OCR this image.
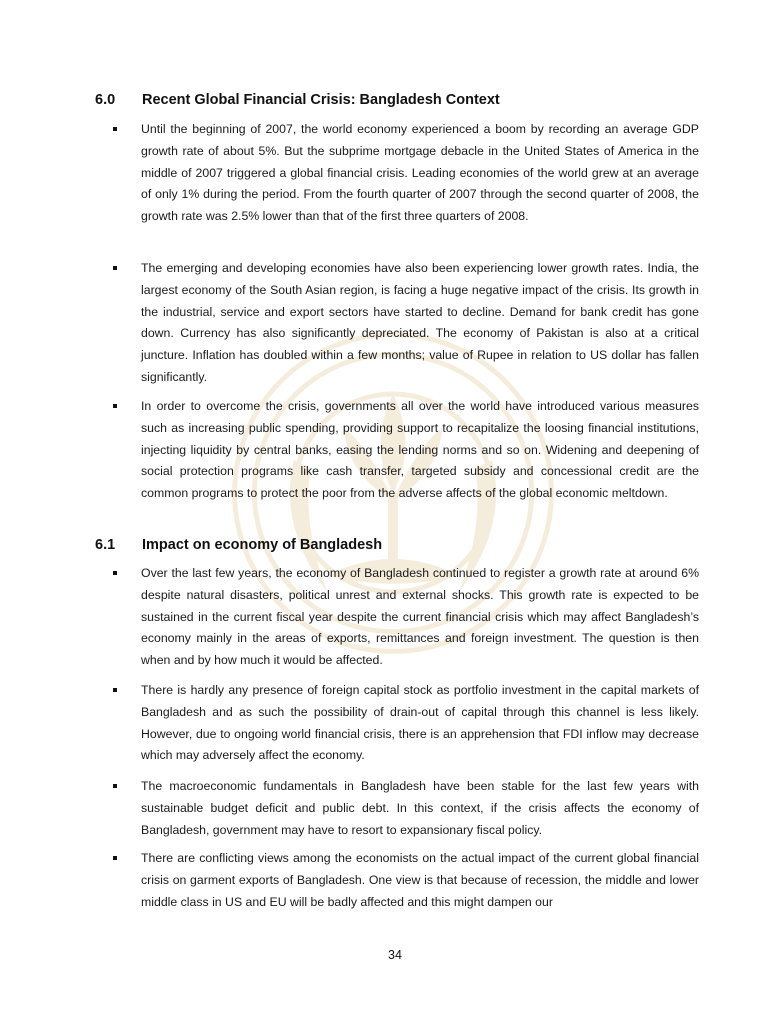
6.0 Recent Global Financial Crisis: Bangladesh Context

Until the beginning of 2007, the world economy experienced a boom by recording an average GDP growth rate of about 5%. But the subprime mortgage debacle in the United States of America in the middle of 2007 triggered a global financial crisis. Leading economies of the world grew at an average of only 1% during the period. From the fourth quarter of 2007 through the second quarter of 2008, the growth rate was 2.5% lower than that of the first three quarters of 2008.

The emerging and developing economies have also been experiencing lower growth rates. India, the largest economy of the South Asian region, is facing a huge negative impact of the crisis. Its growth in the industrial, service and export sectors have started to decline. Demand for bank credit has gone down. Currency has also significantly depreciated. The economy of Pakistan is also at a critical juncture. Inflation has doubled within a few months; value of Rupee in relation to US dollar has fallen significantly.

In order to overcome the crisis, governments all over the world have introduced various measures such as increasing public spending, providing support to recapitalize the loosing financial institutions, injecting liquidity by central banks, easing the lending norms and so on. Widening and deepening of social protection programs like cash transfer, targeted subsidy and concessional credit are the common programs to protect the poor from the adverse affects of the global economic meltdown.

6.1 Impact on economy of Bangladesh

Over the last few years, the economy of Bangladesh continued to register a growth rate at around 6% despite natural disasters, political unrest and external shocks. This growth rate is expected to be sustained in the current fiscal year despite the current financial crisis which may affect Bangladesh’s economy mainly in the areas of exports, remittances and foreign investment. The question is then when and by how much it would be affected.

There is hardly any presence of foreign capital stock as portfolio investment in the capital markets of Bangladesh and as such the possibility of drain-out of capital through this channel is less likely. However, due to ongoing world financial crisis, there is an apprehension that FDI inflow may decrease which may adversely affect the economy.

The macroeconomic fundamentals in Bangladesh have been stable for the last few years with sustainable budget deficit and public debt. In this context, if the crisis affects the economy of Bangladesh, government may have to resort to expansionary fiscal policy.

There are conflicting views among the economists on the actual impact of the current global financial crisis on garment exports of Bangladesh. One view is that because of recession, the middle and lower middle class in US and EU will be badly affected and this might dampen our

34
